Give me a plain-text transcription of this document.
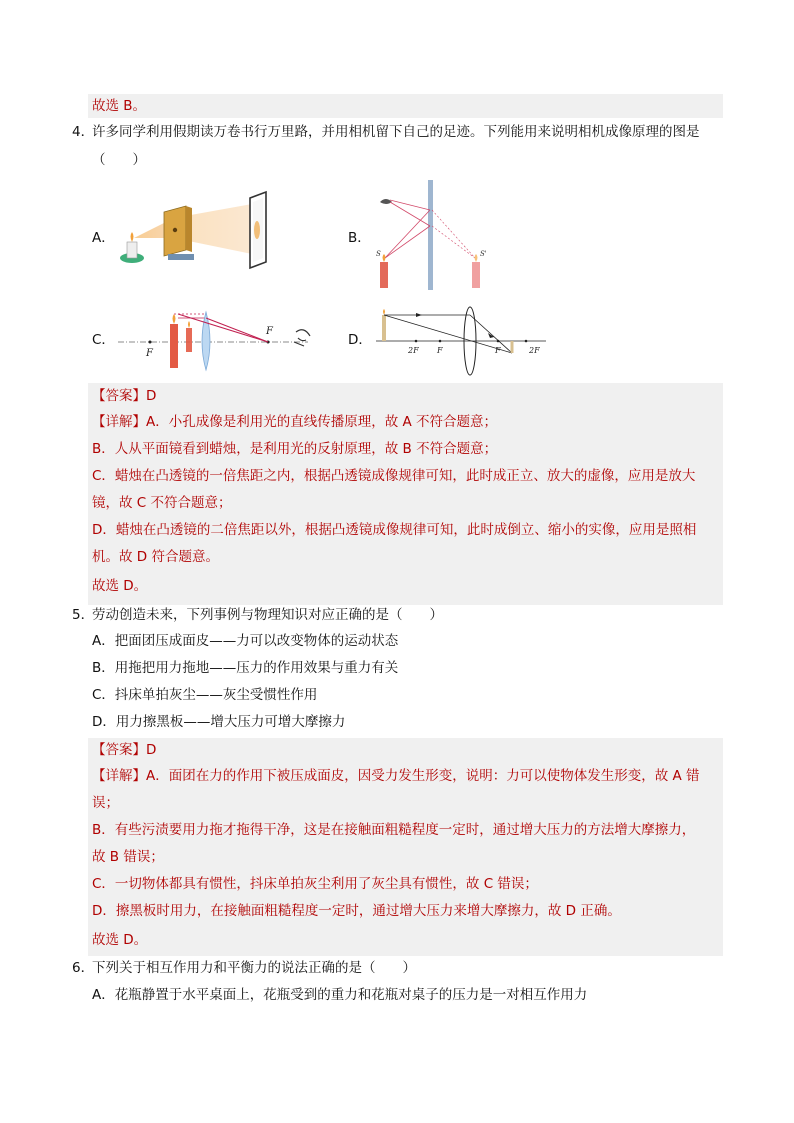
故选 B。
4．
许多同学利用假期读万卷书行万里路，并用相机留下自己的足迹。下列能用来说明相机成像原理的图是
（　　）
A．	B．
C．	D．
S	S'
F
F
2F F	F	2F
【答案】D
【详解】A．小孔成像是利用光的直线传播原理，故 A 不符合题意；
B．人从平面镜看到蜡烛，是利用光的反射原理，故 B 不符合题意；
C．蜡烛在凸透镜的一倍焦距之内，根据凸透镜成像规律可知，此时成正立、放大的虚像，应用是放大
镜，故 C 不符合题意；
D．蜡烛在凸透镜的二倍焦距以外，根据凸透镜成像规律可知，此时成倒立、缩小的实像，应用是照相
机。故 D 符合题意。
故选 D。
5．
劳动创造未来，下列事例与物理知识对应正确的是（　　）
A．把面团压成面皮——力可以改变物体的运动状态
B．用拖把用力拖地——压力的作用效果与重力有关
C．抖床单拍灰尘——灰尘受惯性作用
D．用力擦黑板——增大压力可增大摩擦力
【答案】D
【详解】A．面团在力的作用下被压成面皮，因受力发生形变，说明：力可以使物体发生形变，故 A 错
误；
B．有些污渍要用力拖才拖得干净，这是在接触面粗糙程度一定时，通过增大压力的方法增大摩擦力，
故 B 错误；
C．一切物体都具有惯性，抖床单拍灰尘利用了灰尘具有惯性，故 C 错误；
D．擦黑板时用力，在接触面粗糙程度一定时，通过增大压力来增大摩擦力，故 D 正确。
故选 D。
6．
下列关于相互作用力和平衡力的说法正确的是（　　）
A．花瓶静置于水平桌面上，花瓶受到的重力和花瓶对桌子的压力是一对相互作用力
